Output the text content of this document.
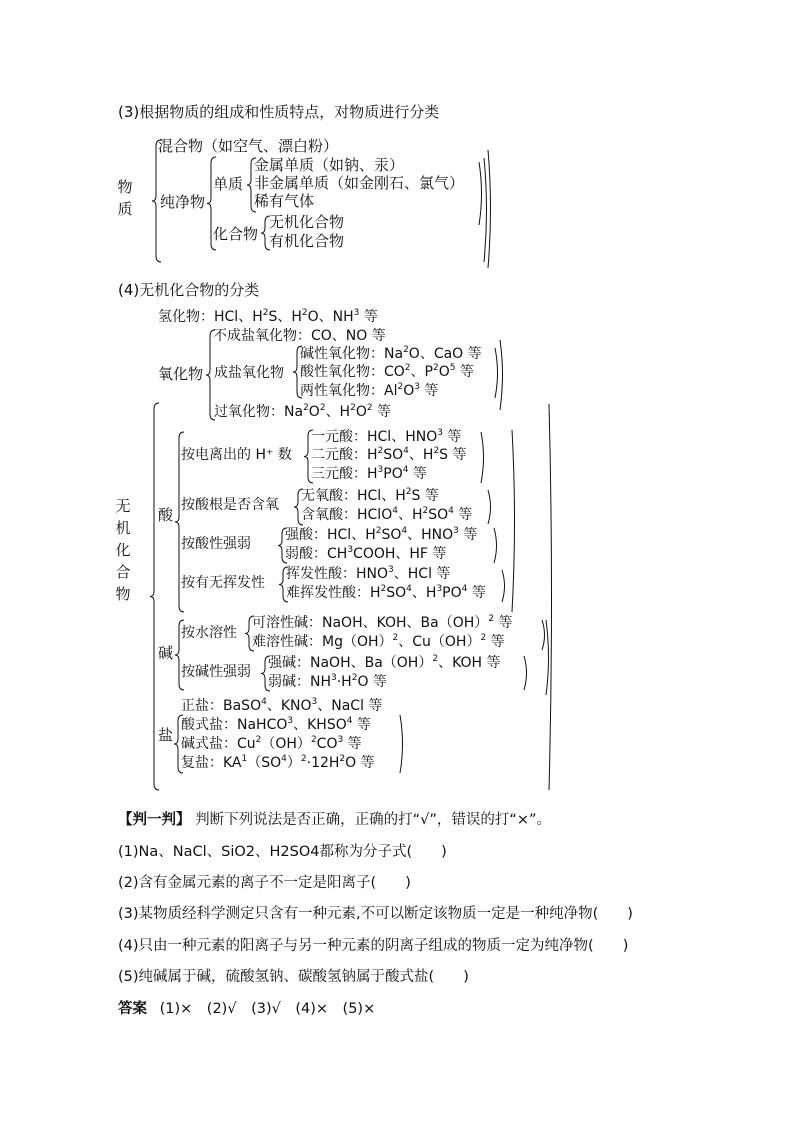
(3)根据物质的组成和性质特点，对物质进行分类
物质
混合物（如空气、漂白粉）
纯净物
单质
金属单质（如钠、汞）
非金属单质（如金刚石、氯气）
稀有气体
化合物
无机化合物
有机化合物
(4)无机化合物的分类
无机化合物
氢化物：HCl、$H^2S$、$H^2O$、$NH^3$ 等
氧化物
不成盐氧化物：CO、NO 等
成盐氧化物
碱性氧化物：Na$^2$O、CaO 等
酸性氧化物：$CO^2$、$P^2O^5$ 等
两性氧化物：$Al^2O^3$ 等
过氧化物：$Na^2O^2$、$H^2O^2$ 等
酸
按电离出的 H⁺ 数
一元酸：HCl、HNO$^3$ 等
二元酸：$H^2SO^4$、$H^2S$ 等
三元酸：$H^3PO^4$ 等
按酸根是否含氧
无氧酸：HCl、$H^2S$ 等
含氧酸：HClO$^4$、$H^2SO^4$ 等
按酸性强弱
强酸：HCl、$H^2SO^4$、HNO$^3$ 等
弱酸：$CH^3COOH$、HF 等
按有无挥发性
挥发性酸：HNO$^3$、HCl 等
难挥发性酸：$H^2SO^4$、$H^3PO^4$ 等
碱
按水溶性
可溶性碱：NaOH、KOH、Ba（OH）$^2$ 等
难溶性碱：Mg（OH）$^2$、Cu（OH）$^2$ 等
按碱性强弱
强碱：NaOH、Ba（OH）$^2$、KOH 等
弱碱：$NH^3\cdot H^2O$ 等
盐
正盐：BaSO$^4$、KNO$^3$、NaCl 等
酸式盐：NaHCO$^3$、KHSO$^4$ 等
碱式盐：$Cu^2(OH)^2CO^3$ 等
复盐：$KA^1(SO^4)^2\cdot 12H^2O$ 等
【判一判】 判断下列说法是否正确，正确的打“√”，错误的打“×”。
(1)Na、NaCl、SiO2、H2SO4都称为分子式(　　)
(2)含有金属元素的离子不一定是阳离子(　　)
(3)某物质经科学测定只含有一种元素,不可以断定该物质一定是一种纯净物(　　)
(4)只由一种元素的阳离子与另一种元素的阴离子组成的物质一定为纯净物(　　)
(5)纯碱属于碱，硫酸氢钠、碳酸氢钠属于酸式盐(　　)
答案 (1)×　(2)√　(3)√　(4)×　(5)×
